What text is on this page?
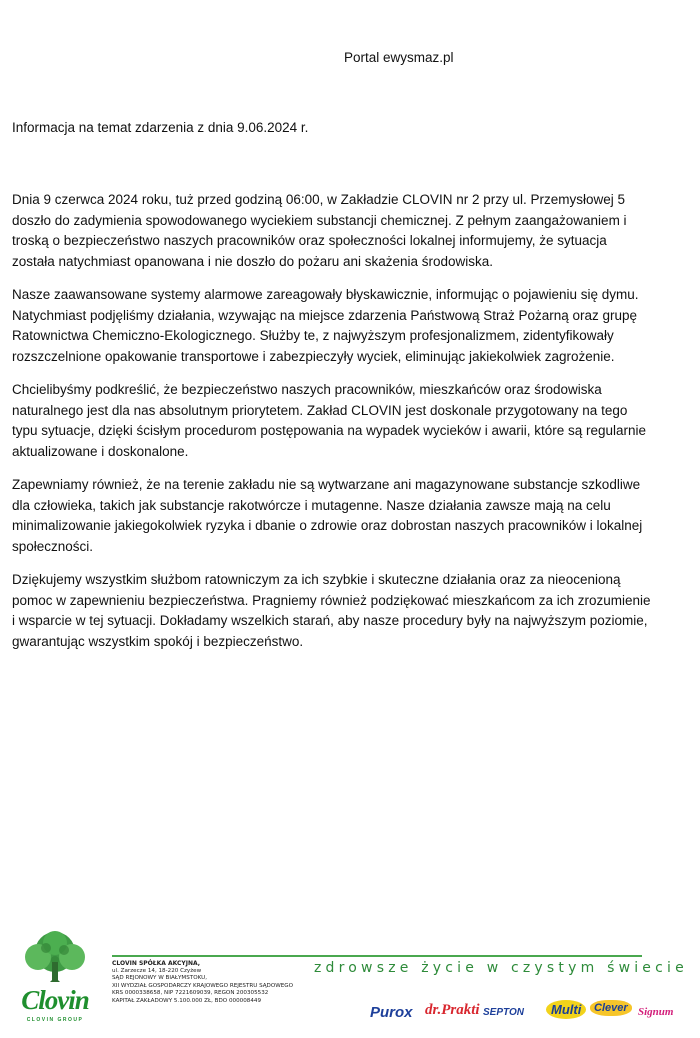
Portal ewysmaz.pl
Informacja na temat zdarzenia z dnia 9.06.2024 r.

Dnia 9 czerwca 2024 roku, tuż przed godziną 06:00, w Zakładzie CLOVIN nr 2 przy ul. Przemysłowej 5 doszło do zadymienia spowodowanego wyciekiem substancji chemicznej. Z pełnym zaangażowaniem i troską o bezpieczeństwo naszych pracowników oraz społeczności lokalnej informujemy, że sytuacja została natychmiast opanowana i nie doszło do pożaru ani skażenia środowiska.

Nasze zaawansowane systemy alarmowe zareagowały błyskawicznie, informując o pojawieniu się dymu. Natychmiast podjęliśmy działania, wzywając na miejsce zdarzenia Państwową Straż Pożarną oraz grupę Ratownictwa Chemiczno-Ekologicznego. Służby te, z najwyższym profesjonalizmem, zidentyfikowały rozszczelnione opakowanie transportowe i zabezpieczyły wyciek, eliminując jakiekolwiek zagrożenie.

Chcielibyśmy podkreślić, że bezpieczeństwo naszych pracowników, mieszkańców oraz środowiska naturalnego jest dla nas absolutnym priorytetem. Zakład CLOVIN jest doskonale przygotowany na tego typu sytuacje, dzięki ścisłym procedurom postępowania na wypadek wycieków i awarii, które są regularnie aktualizowane i doskonalone.

Zapewniamy również, że na terenie zakładu nie są wytwarzane ani magazynowane substancje szkodliwe dla człowieka, takich jak substancje rakotwórcze i mutagenne. Nasze działania zawsze mają na celu minimalizowanie jakiegokolwiek ryzyka i dbanie o zdrowie oraz dobrostan naszych pracowników i lokalnej społeczności.

Dziękujemy wszystkim służbom ratowniczym za ich szybkie i skuteczne działania oraz za nieocenioną pomoc w zapewnieniu bezpieczeństwa. Pragniemy również podziękować mieszkańcom za ich zrozumienie i wsparcie w tej sytuacji. Dokładamy wszelkich starań, aby nasze procedury były na najwyższym poziomie, gwarantując wszystkim spokój i bezpieczeństwo.

Clovin
CLOVIN GROUP
zdrowsze życie w czystym świecie
CLOVIN SPÓŁKA AKCYJNA,
ul. Zarzecze 14, 18-220 Czyżew
SĄD REJONOWY W BIAŁYMSTOKU,
XII WYDZIAŁ GOSPODARCZY KRAJOWEGO REJESTRU SĄDOWEGO
KRS 0000338658, NIP 7221609039, REGON 200305532
KAPITAŁ ZAKŁADOWY 5.100.000 ZŁ, BDO 000008449
Purox dr.Prakti SEPTON	Multi	Clever Signum
